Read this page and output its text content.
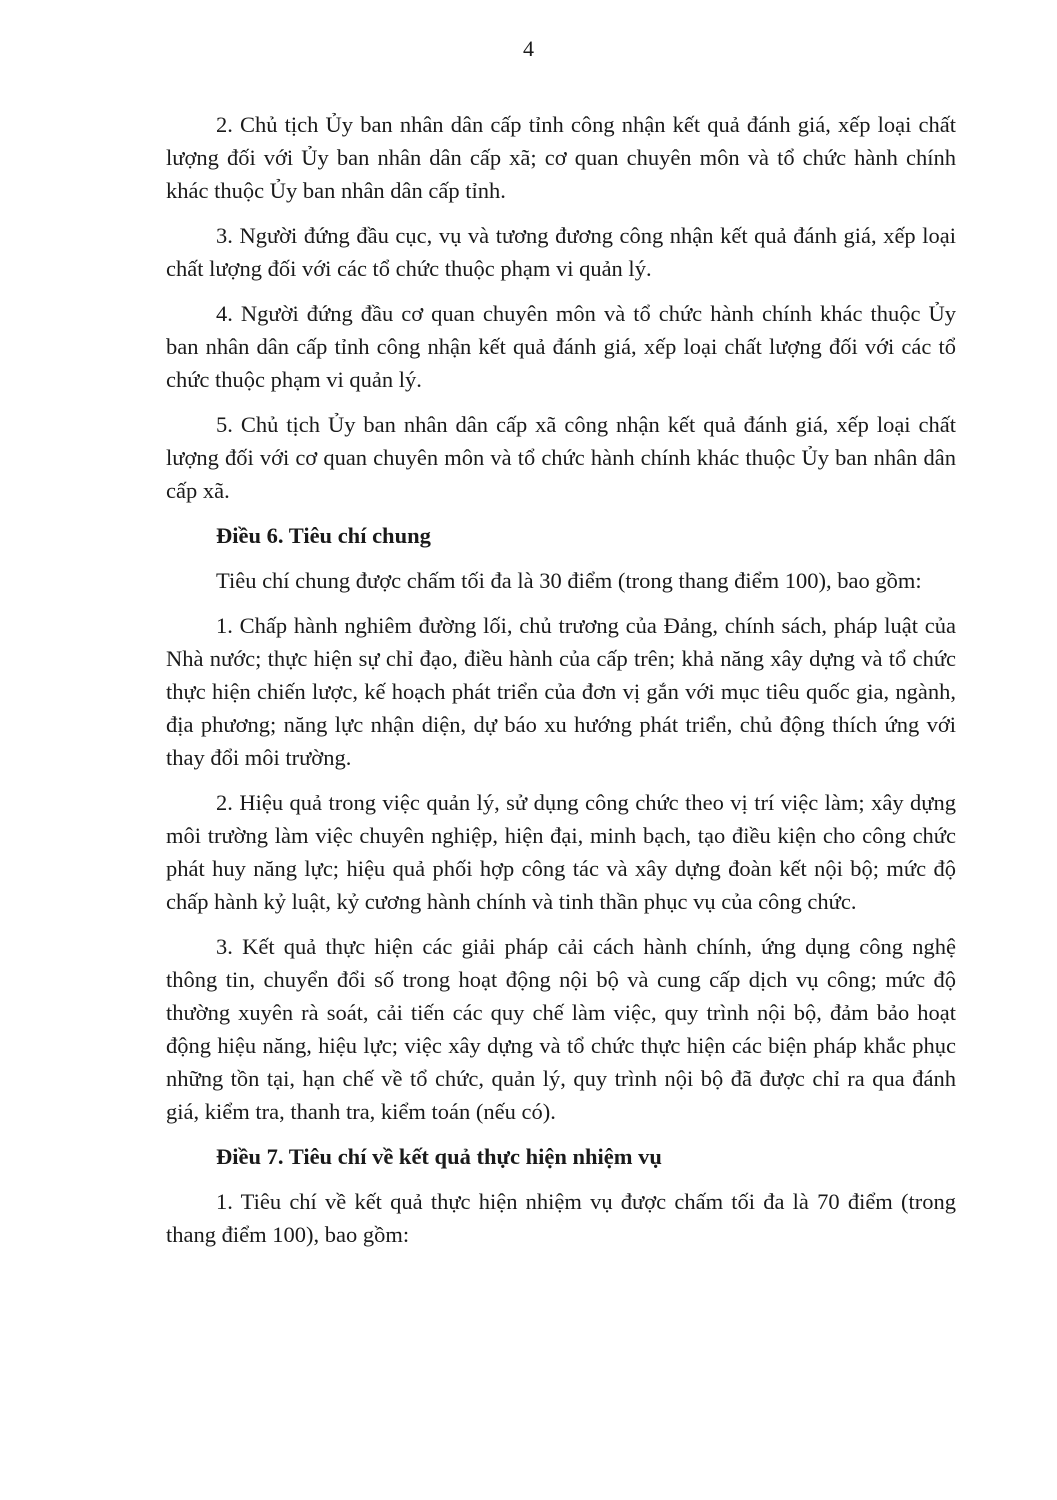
4

2. Chủ tịch Ủy ban nhân dân cấp tỉnh công nhận kết quả đánh giá, xếp loại chất lượng đối với Ủy ban nhân dân cấp xã; cơ quan chuyên môn và tổ chức hành chính khác thuộc Ủy ban nhân dân cấp tỉnh.

3. Người đứng đầu cục, vụ và tương đương công nhận kết quả đánh giá, xếp loại chất lượng đối với các tổ chức thuộc phạm vi quản lý.

4. Người đứng đầu cơ quan chuyên môn và tổ chức hành chính khác thuộc Ủy ban nhân dân cấp tỉnh công nhận kết quả đánh giá, xếp loại chất lượng đối với các tổ chức thuộc phạm vi quản lý.

5. Chủ tịch Ủy ban nhân dân cấp xã công nhận kết quả đánh giá, xếp loại chất lượng đối với cơ quan chuyên môn và tổ chức hành chính khác thuộc Ủy ban nhân dân cấp xã.

Điều 6. Tiêu chí chung

Tiêu chí chung được chấm tối đa là 30 điểm (trong thang điểm 100), bao gồm:

1. Chấp hành nghiêm đường lối, chủ trương của Đảng, chính sách, pháp luật của Nhà nước; thực hiện sự chỉ đạo, điều hành của cấp trên; khả năng xây dựng và tổ chức thực hiện chiến lược, kế hoạch phát triển của đơn vị gắn với mục tiêu quốc gia, ngành, địa phương; năng lực nhận diện, dự báo xu hướng phát triển, chủ động thích ứng với thay đổi môi trường.

2. Hiệu quả trong việc quản lý, sử dụng công chức theo vị trí việc làm; xây dựng môi trường làm việc chuyên nghiệp, hiện đại, minh bạch, tạo điều kiện cho công chức phát huy năng lực; hiệu quả phối hợp công tác và xây dựng đoàn kết nội bộ; mức độ chấp hành kỷ luật, kỷ cương hành chính và tinh thần phục vụ của công chức.

3. Kết quả thực hiện các giải pháp cải cách hành chính, ứng dụng công nghệ thông tin, chuyển đổi số trong hoạt động nội bộ và cung cấp dịch vụ công; mức độ thường xuyên rà soát, cải tiến các quy chế làm việc, quy trình nội bộ, đảm bảo hoạt động hiệu năng, hiệu lực; việc xây dựng và tổ chức thực hiện các biện pháp khắc phục những tồn tại, hạn chế về tổ chức, quản lý, quy trình nội bộ đã được chỉ ra qua đánh giá, kiểm tra, thanh tra, kiểm toán (nếu có).

Điều 7. Tiêu chí về kết quả thực hiện nhiệm vụ

1. Tiêu chí về kết quả thực hiện nhiệm vụ được chấm tối đa là 70 điểm (trong thang điểm 100), bao gồm:
